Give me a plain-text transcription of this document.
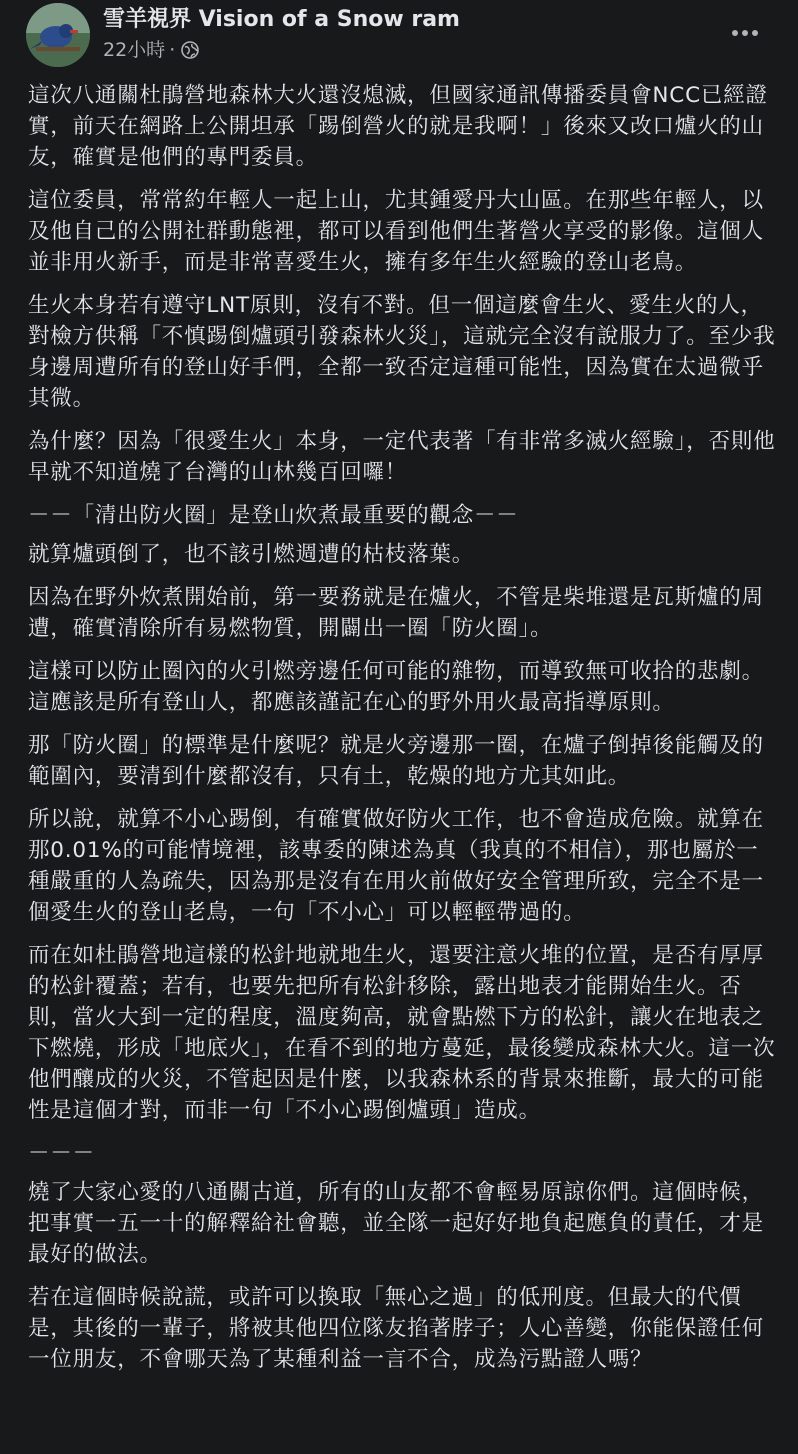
雪羊視界 Vision of a Snow ram
22小時 ·

這次八通關杜鵑營地森林大火還沒熄滅，但國家通訊傳播委員會NCC已經證實，前天在網路上公開坦承「踢倒營火的就是我啊！」後來又改口爐火的山友，確實是他們的專門委員。

這位委員，常常約年輕人一起上山，尤其鍾愛丹大山區。在那些年輕人，以及他自己的公開社群動態裡，都可以看到他們生著營火享受的影像。這個人並非用火新手，而是非常喜愛生火，擁有多年生火經驗的登山老鳥。

生火本身若有遵守LNT原則，沒有不對。但一個這麼會生火、愛生火的人，對檢方供稱「不慎踢倒爐頭引發森林火災」，這就完全沒有說服力了。至少我身邊周遭所有的登山好手們，全都一致否定這種可能性，因為實在太過微乎其微。

為什麼？因為「很愛生火」本身，一定代表著「有非常多滅火經驗」，否則他早就不知道燒了台灣的山林幾百回囉！

－－「清出防火圈」是登山炊煮最重要的觀念－－

就算爐頭倒了，也不該引燃週遭的枯枝落葉。

因為在野外炊煮開始前，第一要務就是在爐火，不管是柴堆還是瓦斯爐的周遭，確實清除所有易燃物質，開闢出一圈「防火圈」。

這樣可以防止圈內的火引燃旁邊任何可能的雜物，而導致無可收拾的悲劇。這應該是所有登山人，都應該謹記在心的野外用火最高指導原則。

那「防火圈」的標準是什麼呢？就是火旁邊那一圈，在爐子倒掉後能觸及的範圍內，要清到什麼都沒有，只有土，乾燥的地方尤其如此。

所以說，就算不小心踢倒，有確實做好防火工作，也不會造成危險。就算在那0.01%的可能情境裡，該專委的陳述為真（我真的不相信），那也屬於一種嚴重的人為疏失，因為那是沒有在用火前做好安全管理所致，完全不是一個愛生火的登山老鳥，一句「不小心」可以輕輕帶過的。

而在如杜鵑營地這樣的松針地就地生火，還要注意火堆的位置，是否有厚厚的松針覆蓋；若有，也要先把所有松針移除，露出地表才能開始生火。否則，當火大到一定的程度，溫度夠高，就會點燃下方的松針，讓火在地表之下燃燒，形成「地底火」，在看不到的地方蔓延，最後變成森林大火。這一次他們釀成的火災，不管起因是什麼，以我森林系的背景來推斷，最大的可能性是這個才對，而非一句「不小心踢倒爐頭」造成。

－－－

燒了大家心愛的八通關古道，所有的山友都不會輕易原諒你們。這個時候，把事實一五一十的解釋給社會聽，並全隊一起好好地負起應負的責任，才是最好的做法。

若在這個時候說謊，或許可以換取「無心之過」的低刑度。但最大的代價是，其後的一輩子，將被其他四位隊友掐著脖子；人心善變，你能保證任何一位朋友，不會哪天為了某種利益一言不合，成為污點證人嗎？
